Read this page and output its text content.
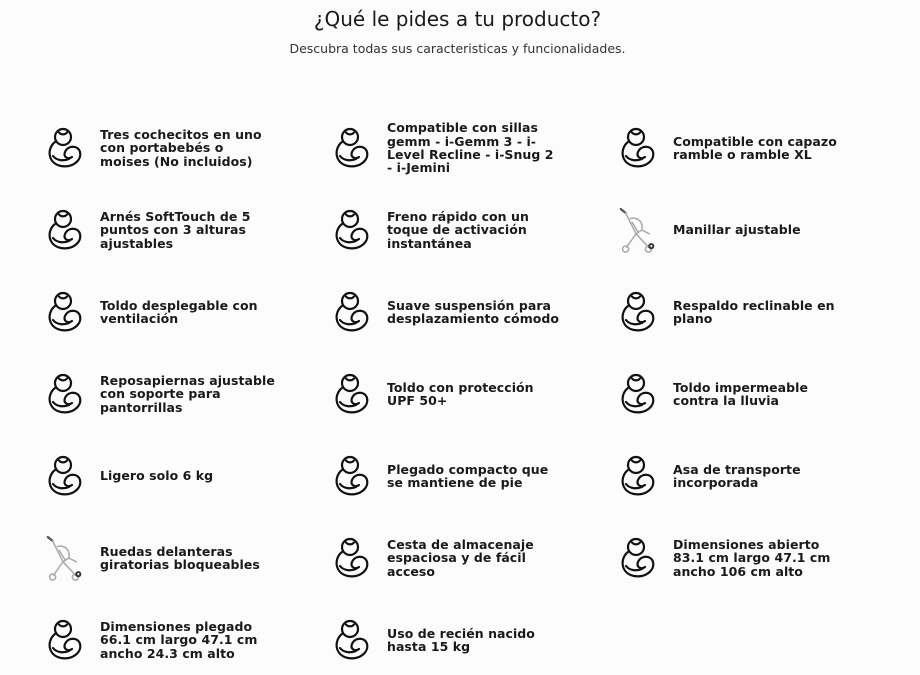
¿Qué le pides a tu producto?

Descubra todas sus caracteristicas y funcionalidades.

Tres cochecitos en uno con portabebés o moises (No incluidos)
Compatible con sillas gemm - i-Gemm 3 - i-Level Recline - i-Snug 2 - i-Jemini
Compatible con capazo ramble o ramble XL
Arnés SoftTouch de 5 puntos con 3 alturas ajustables
Freno rápido con un toque de activación instantánea
Manillar ajustable
Toldo desplegable con ventilación
Suave suspensión para desplazamiento cómodo
Respaldo reclinable en plano
Reposapiernas ajustable con soporte para pantorrillas
Toldo con protección UPF 50+
Toldo impermeable contra la lluvia
Ligero solo 6 kg	Plegado compacto que se mantiene de pie
Asa de transporte incorporada
Ruedas delanteras giratorias bloqueables
Cesta de almacenaje espaciosa y de fácil acceso
Dimensiones abierto 83.1 cm largo 47.1 cm ancho 106 cm alto
Dimensiones plegado 66.1 cm largo 47.1 cm ancho 24.3 cm alto
Uso de recién nacido hasta 15 kg
